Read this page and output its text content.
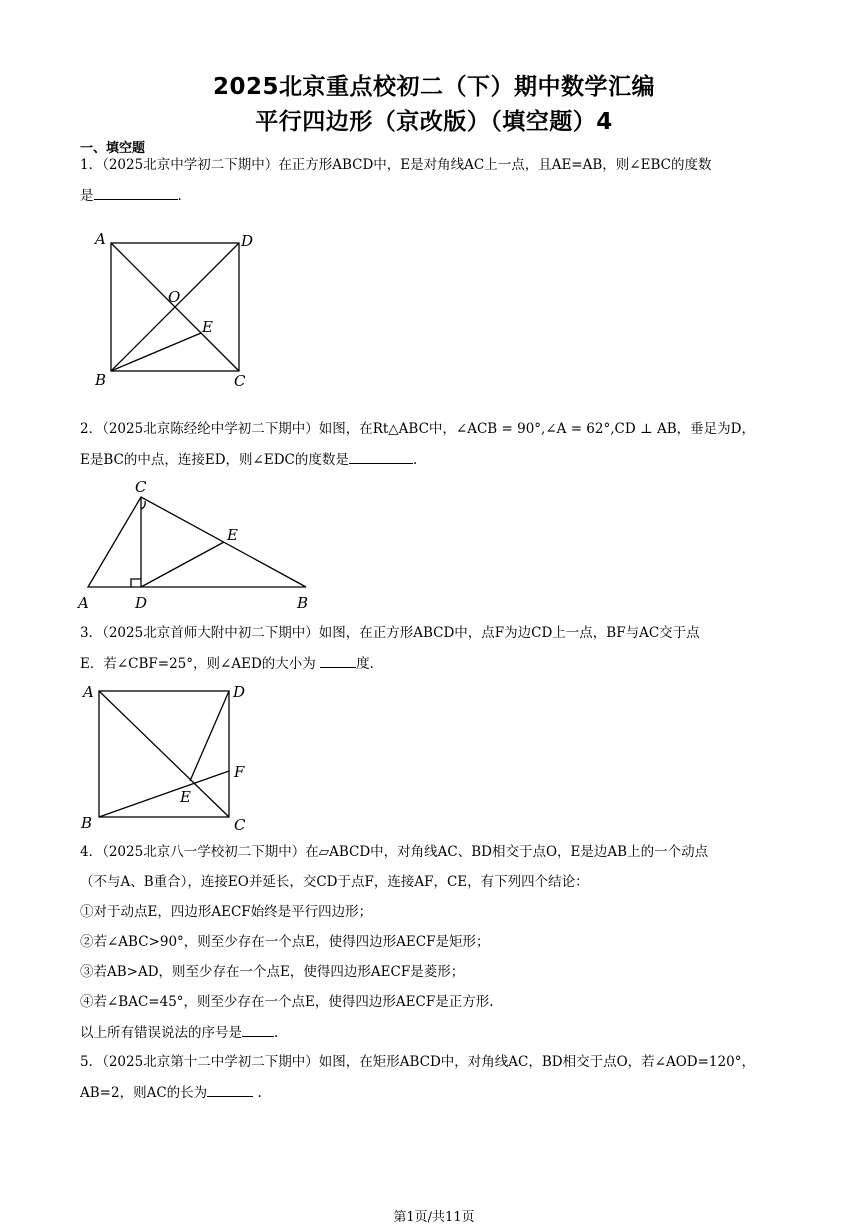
2025北京重点校初二（下）期中数学汇编
平行四边形（京改版）（填空题）4
一、填空题
1．（2025北京中学初二下期中）在正方形ABCD中，E是对角线AC上一点，且AE=AB，则∠EBC的度数
是	.
A	D
O
E
B	C
2．（2025北京陈经纶中学初二下期中）如图，在Rt△ABC中，∠ACB = 90°,∠A = 62°,CD ⊥ AB，垂足为D，
E是BC的中点，连接ED，则∠EDC的度数是	.
C
E
A	D	B
3．（2025北京首师大附中初二下期中）如图，在正方形ABCD中，点F为边CD上一点，BF与AC交于点
E．若∠CBF=25°，则∠AED的大小为	度.
A	D
F
E
B	C
4．（2025北京八一学校初二下期中）在▱ABCD中，对角线AC、BD相交于点O，E是边AB上的一个动点
（不与A、B重合），连接EO并延长，交CD于点F，连接AF，CE，有下列四个结论：
①对于动点E，四边形AECF始终是平行四边形；
②若∠ABC>90°，则至少存在一个点E，使得四边形AECF是矩形；
③若AB>AD，则至少存在一个点E，使得四边形AECF是菱形；
④若∠BAC=45°，则至少存在一个点E，使得四边形AECF是正方形.
以上所有错误说法的序号是 .
5．（2025北京第十二中学初二下期中）如图，在矩形ABCD中，对角线AC，BD相交于点O，若∠AOD=120°，
AB=2，则AC的长为	.
第1页/共11页
